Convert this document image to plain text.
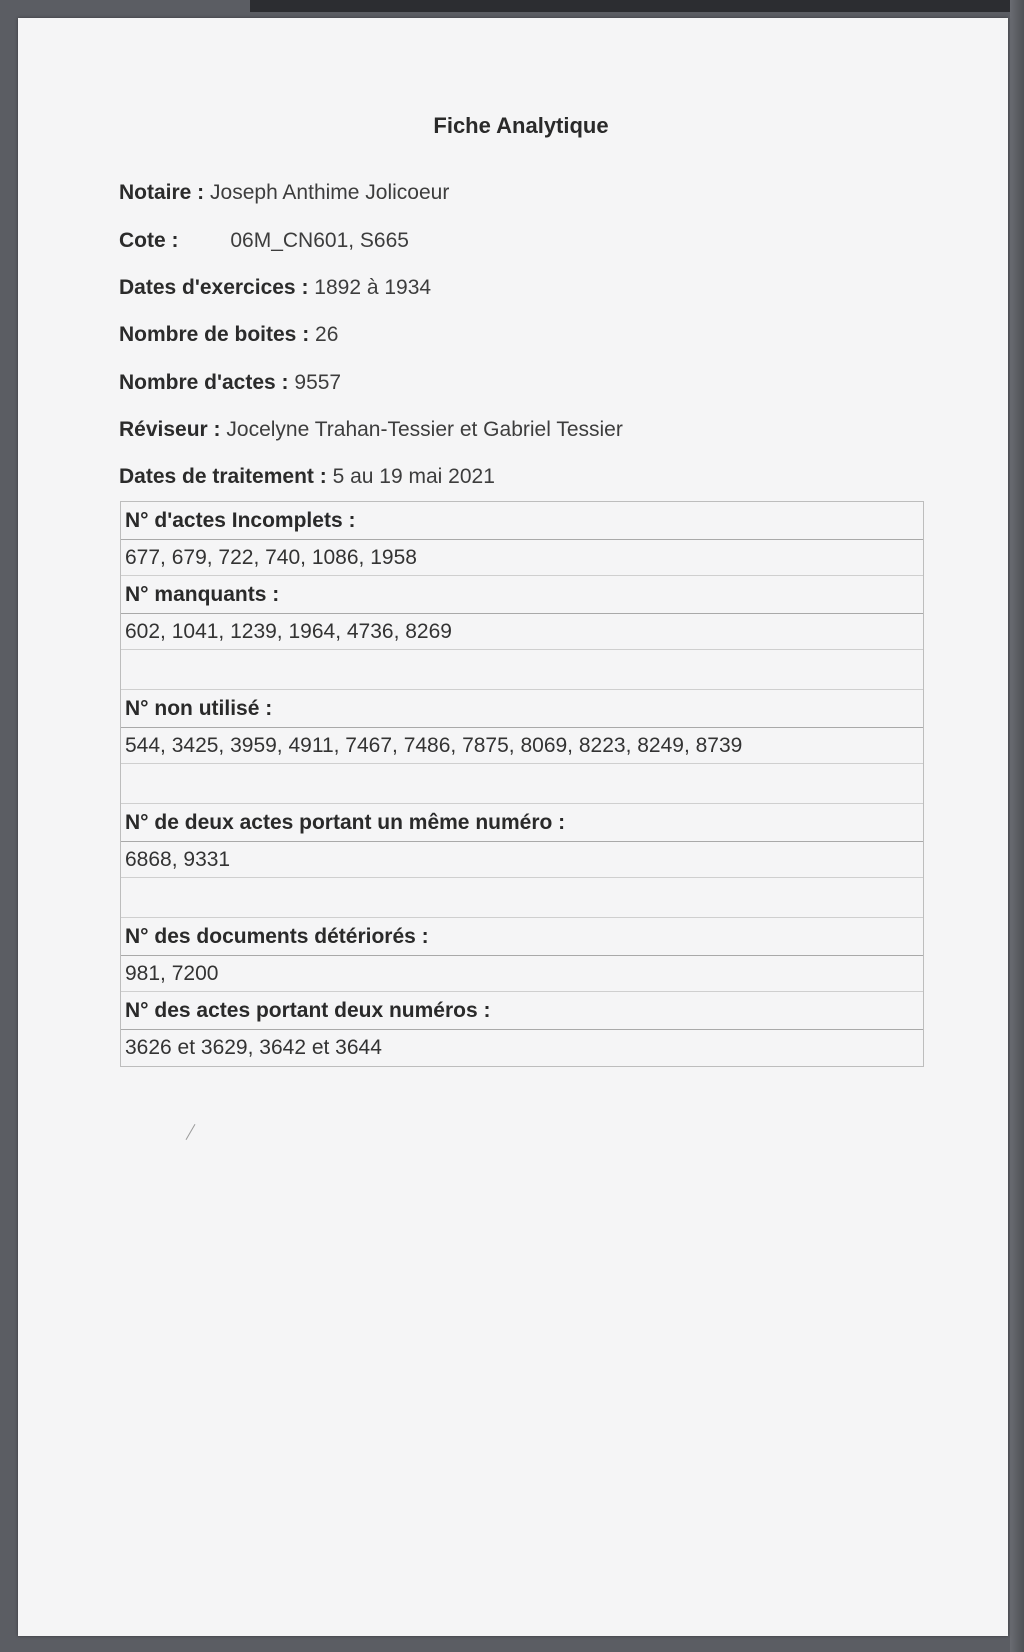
Fiche Analytique
Notaire : Joseph Anthime Jolicoeur
Cote : 06M_CN601, S665
Dates d'exercices : 1892 à 1934
Nombre de boites : 26
Nombre d'actes : 9557
Réviseur : Jocelyne Trahan-Tessier et Gabriel Tessier
Dates de traitement : 5 au 19 mai 2021
N° d'actes Incomplets :
677, 679, 722, 740, 1086, 1958
N° manquants :
602, 1041, 1239, 1964, 4736, 8269
N° non utilisé :
544, 3425, 3959, 4911, 7467, 7486, 7875, 8069, 8223, 8249, 8739
N° de deux actes portant un même numéro :
6868, 9331
N° des documents détériorés :
981, 7200
N° des actes portant deux numéros :
3626 et 3629, 3642 et 3644
